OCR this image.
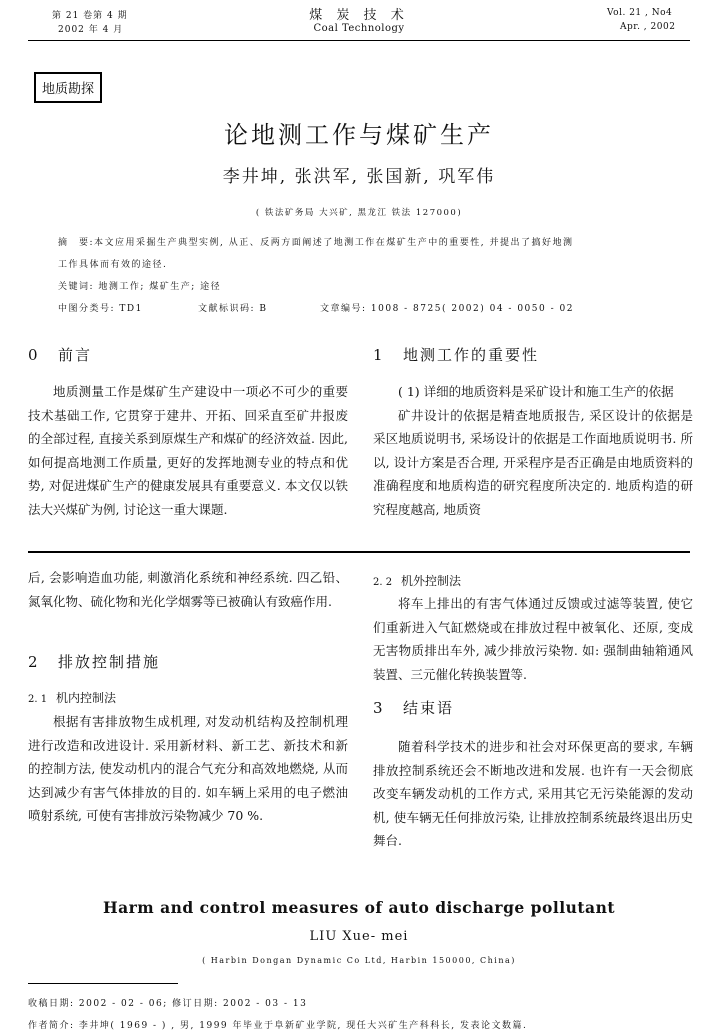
第 21 卷第 4 期
2002 年 4 月
煤 炭 技 术
Coal Technology
Vol. 21 , No4
Apr. , 2002
地质勘探
论地测工作与煤矿生产
李井坤, 张洪军, 张国新, 巩军伟
( 铁法矿务局 大兴矿, 黑龙江 铁法 127000)
摘　要:本文应用采掘生产典型实例, 从正、反两方面阐述了地测工作在煤矿生产中的重要性, 并提出了搞好地测
工作具体而有效的途径.
关键词: 地测工作; 煤矿生产; 途径
中图分类号: TD1	文献标识码: B	文章编号: 1008 - 8725( 2002) 04 - 0050 - 02
0 前言

地质测量工作是煤矿生产建设中一项必不可少的重要技术基础工作, 它贯穿于建井、开拓、回采直至矿井报废的全部过程, 直接关系到原煤生产和煤矿的经济效益. 因此, 如何提高地测工作质量, 更好的发挥地测专业的特点和优势, 对促进煤矿生产的健康发展具有重要意义. 本文仅以铁法大兴煤矿为例, 讨论这一重大课题.

1 地测工作的重要性

( 1) 详细的地质资料是采矿设计和施工生产的依据

矿井设计的依据是精查地质报告, 采区设计的依据是采区地质说明书, 采场设计的依据是工作面地质说明书. 所以, 设计方案是否合理, 开采程序是否正确是由地质资料的准确程度和地质构造的研究程度所决定的. 地质构造的研究程度越高, 地质资

后, 会影响造血功能, 刺激消化系统和神经系统. 四乙铅、氮氧化物、硫化物和光化学烟雾等已被确认有致癌作用.

2 排放控制措施
2. 1 机内控制法

根据有害排放物生成机理, 对发动机结构及控制机理进行改造和改进设计. 采用新材料、新工艺、新技术和新的控制方法, 使发动机内的混合气充分和高效地燃烧, 从而达到减少有害气体排放的目的. 如车辆上采用的电子燃油喷射系统, 可使有害排放污染物减少 70 %.

2. 2 机外控制法

将车上排出的有害气体通过反馈或过滤等装置, 使它们重新进入气缸燃烧或在排放过程中被氧化、还原, 变成无害物质排出车外, 减少排放污染物. 如: 强制曲轴箱通风装置、三元催化转换装置等.

3 结束语

随着科学技术的进步和社会对环保更高的要求, 车辆排放控制系统还会不断地改进和发展. 也许有一天会彻底改变车辆发动机的工作方式, 采用其它无污染能源的发动机, 使车辆无任何排放污染, 让排放控制系统最终退出历史舞台.

Harm and control measures of auto discharge pollutant
LIU Xue- mei
( Harbin Dongan Dynamic Co Ltd, Harbin 150000, China)
收稿日期: 2002 - 02 - 06; 修订日期: 2002 - 03 - 13
作者简介: 李井坤( 1969 - ) , 男, 1999 年毕业于阜新矿业学院, 现任大兴矿生产科科长, 发表论文数篇.
